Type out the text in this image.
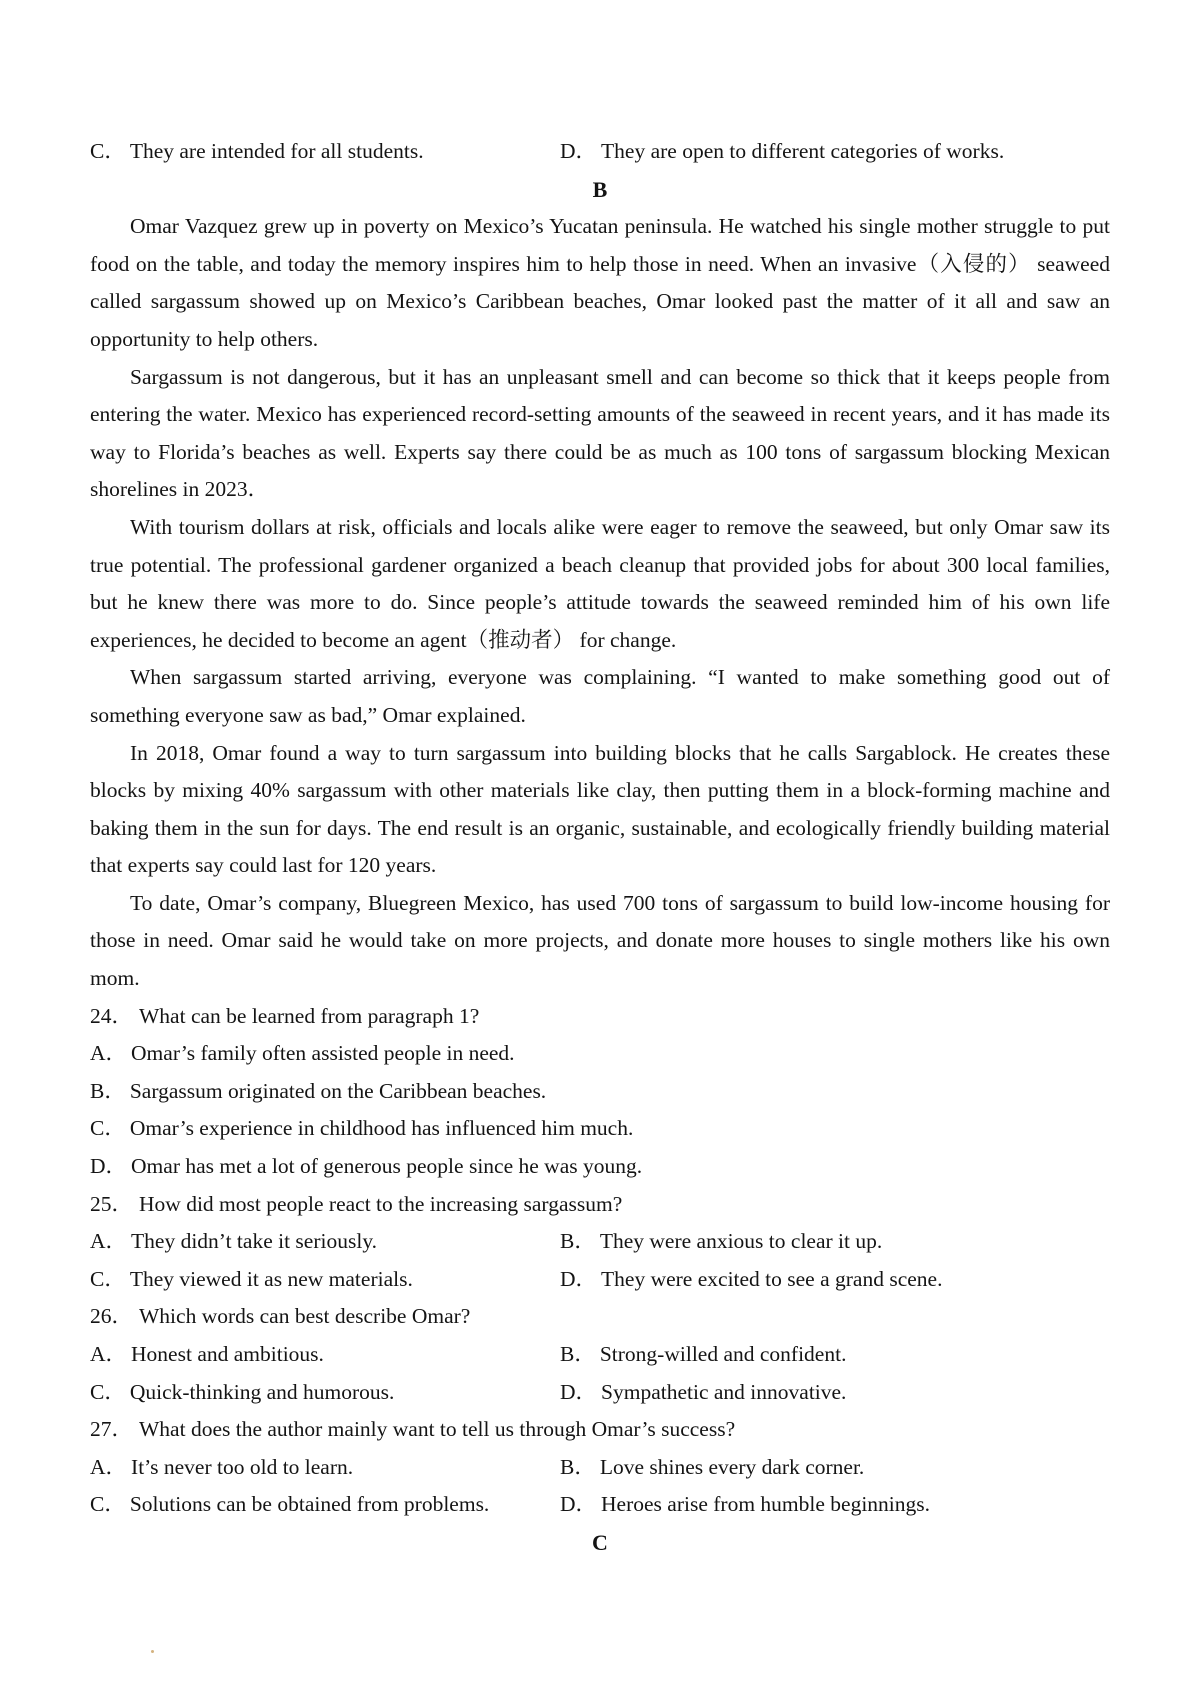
C． They are intended for all students.	D． They are open to different categories of works.
B

Omar Vazquez grew up in poverty on Mexico’s Yucatan peninsula. He watched his single mother struggle to put food on the table, and today the memory inspires him to help those in need. When an invasive（入侵的） seaweed called sargassum showed up on Mexico’s Caribbean beaches, Omar looked past the matter of it all and saw an opportunity to help others.

Sargassum is not dangerous, but it has an unpleasant smell and can become so thick that it keeps people from entering the water. Mexico has experienced record-setting amounts of the seaweed in recent years, and it has made its way to Florida’s beaches as well. Experts say there could be as much as 100 tons of sargassum blocking Mexican shorelines in 2023．

With tourism dollars at risk, officials and locals alike were eager to remove the seaweed, but only Omar saw its true potential. The professional gardener organized a beach cleanup that provided jobs for about 300 local families, but he knew there was more to do. Since people’s attitude towards the seaweed reminded him of his own life experiences, he decided to become an agent（推动者） for change.

When sargassum started arriving, everyone was complaining. “I wanted to make something good out of something everyone saw as bad,” Omar explained.

In 2018, Omar found a way to turn sargassum into building blocks that he calls Sargablock. He creates these blocks by mixing 40% sargassum with other materials like clay, then putting them in a block-forming machine and baking them in the sun for days. The end result is an organic, sustainable, and ecologically friendly building material that experts say could last for 120 years.

To date, Omar’s company, Bluegreen Mexico, has used 700 tons of sargassum to build low-income housing for those in need. Omar said he would take on more projects, and donate more houses to single mothers like his own mom.

24． What can be learned from paragraph 1?
A． Omar’s family often assisted people in need.
B． Sargassum originated on the Caribbean beaches.
C． Omar’s experience in childhood has influenced him much.
D． Omar has met a lot of generous people since he was young.
25． How did most people react to the increasing sargassum?
A． They didn’t take it seriously.	B． They were anxious to clear it up.
C． They viewed it as new materials.	D． They were excited to see a grand scene.
26． Which words can best describe Omar?
A． Honest and ambitious.	B． Strong-willed and confident.
C． Quick-thinking and humorous.	D． Sympathetic and innovative.
27． What does the author mainly want to tell us through Omar’s success?
A． It’s never too old to learn.	B． Love shines every dark corner.
C． Solutions can be obtained from problems.	D． Heroes arise from humble beginnings.
C
